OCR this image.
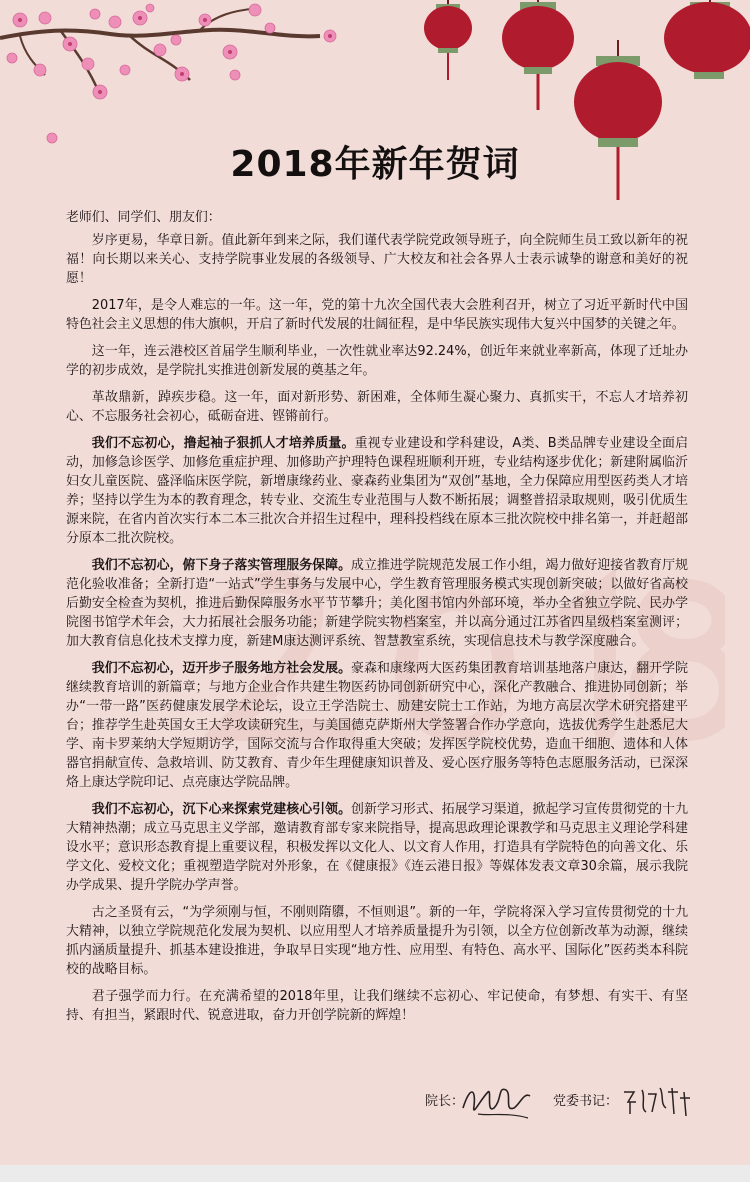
2018年新年贺词

老师们、同学们、朋友们：

岁序更易，华章日新。值此新年到来之际，我们谨代表学院党政领导班子，向全院师生员工致以新年的祝福！向长期以来关心、支持学院事业发展的各级领导、广大校友和社会各界人士表示诚挚的谢意和美好的祝愿！

2017年，是令人难忘的一年。这一年，党的第十九次全国代表大会胜利召开，树立了习近平新时代中国特色社会主义思想的伟大旗帜，开启了新时代发展的壮阔征程，是中华民族实现伟大复兴中国梦的关键之年。

这一年，连云港校区首届学生顺利毕业，一次性就业率达92.24%，创近年来就业率新高，体现了迁址办学的初步成效，是学院扎实推进创新发展的奠基之年。

革故鼎新，踔疾步稳。这一年，面对新形势、新困难，全体师生凝心聚力、真抓实干，不忘人才培养初心、不忘服务社会初心，砥砺奋进、铿锵前行。

我们不忘初心，撸起袖子狠抓人才培养质量。重视专业建设和学科建设，A类、B类品牌专业建设全面启动，加修急诊医学、加修危重症护理、加修助产护理特色课程班顺利开班，专业结构逐步优化；新建附属临沂妇女儿童医院、盛泽临床医学院，新增康缘药业、豪森药业集团为“双创”基地，全力保障应用型医药类人才培养；坚持以学生为本的教育理念，转专业、交流生专业范围与人数不断拓展；调整普招录取规则，吸引优质生源来院，在省内首次实行本二本三批次合并招生过程中，理科投档线在原本三批次院校中排名第一，并赶超部分原本二批次院校。

我们不忘初心，俯下身子落实管理服务保障。成立推进学院规范发展工作小组，竭力做好迎接省教育厅规范化验收准备；全新打造“一站式”学生事务与发展中心，学生教育管理服务模式实现创新突破；以做好省高校后勤安全检查为契机，推进后勤保障服务水平节节攀升；美化图书馆内外部环境，举办全省独立学院、民办学院图书馆学术年会，大力拓展社会服务功能；新建学院实物档案室，并以高分通过江苏省四星级档案室测评；加大教育信息化技术支撑力度，新建M康达测评系统、智慧教室系统，实现信息技术与教学深度融合。

我们不忘初心，迈开步子服务地方社会发展。豪森和康缘两大医药集团教育培训基地落户康达，翻开学院继续教育培训的新篇章；与地方企业合作共建生物医药协同创新研究中心，深化产教融合、推进协同创新；举办“一带一路”医药健康发展学术论坛，设立王学浩院士、励建安院士工作站，为地方高层次学术研究搭建平台；推荐学生赴英国女王大学攻读研究生，与美国德克萨斯州大学签署合作办学意向，选拔优秀学生赴悉尼大学、南卡罗莱纳大学短期访学，国际交流与合作取得重大突破；发挥医学院校优势，造血干细胞、遗体和人体器官捐献宣传、急救培训、防艾教育、青少年生理健康知识普及、爱心医疗服务等特色志愿服务活动，已深深烙上康达学院印记、点亮康达学院品牌。

我们不忘初心，沉下心来探索党建核心引领。创新学习形式、拓展学习渠道，掀起学习宣传贯彻党的十九大精神热潮；成立马克思主义学部，邀请教育部专家来院指导，提高思政理论课教学和马克思主义理论学科建设水平；意识形态教育提上重要议程，积极发挥以文化人、以文育人作用，打造具有学院特色的向善文化、乐学文化、爱校文化；重视塑造学院对外形象，在《健康报》《连云港日报》等媒体发表文章30余篇，展示我院办学成果、提升学院办学声誉。

古之圣贤有云，“为学须刚与恒，不刚则隋隳，不恒则退”。新的一年，学院将深入学习宣传贯彻党的十九大精神，以独立学院规范化发展为契机、以应用型人才培养质量提升为引领，以全方位创新改革为动源，继续抓内涵质量提升、抓基本建设推进，争取早日实现“地方性、应用型、有特色、高水平、国际化”医药类本科院校的战略目标。

君子强学而力行。在充满希望的2018年里，让我们继续不忘初心、牢记使命，有梦想、有实干、有坚持、有担当，紧跟时代、锐意进取，奋力开创学院新的辉煌！

院长：	党委书记：
